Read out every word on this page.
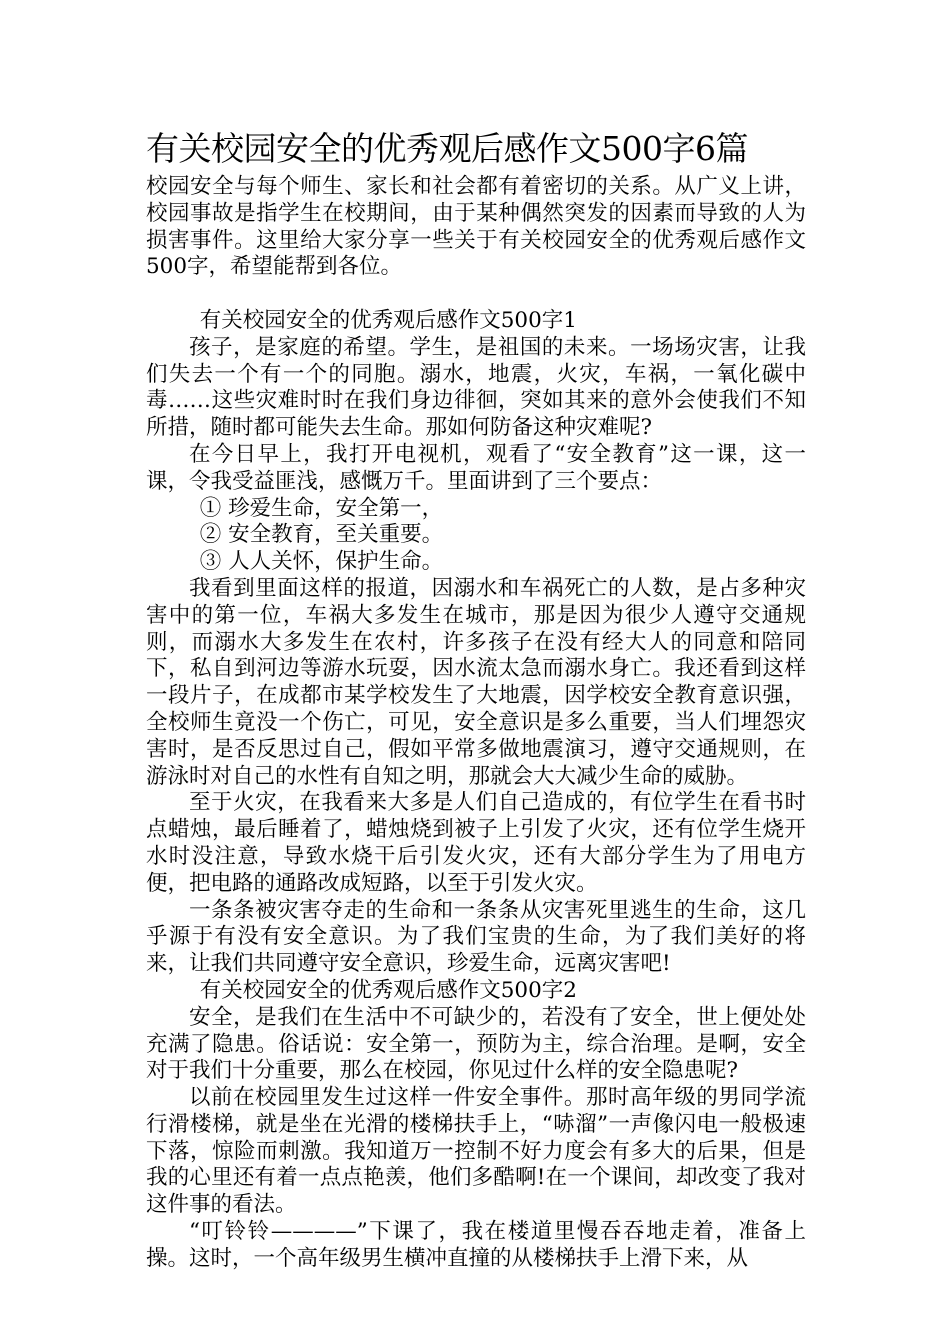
有关校园安全的优秀观后感作文500字6篇

校园安全与每个师生、家长和社会都有着密切的关系。从广义上讲，校园事故是指学生在校期间，由于某种偶然突发的因素而导致的人为损害事件。这里给大家分享一些关于有关校园安全的优秀观后感作文500字，希望能帮到各位。

有关校园安全的优秀观后感作文500字1

孩子，是家庭的希望。学生，是祖国的未来。一场场灾害，让我们失去一个有一个的同胞。溺水，地震，火灾，车祸，一氧化碳中毒……这些灾难时时在我们身边徘徊，突如其来的意外会使我们不知所措，随时都可能失去生命。那如何防备这种灾难呢?

在今日早上，我打开电视机，观看了“安全教育”这一课，这一课，令我受益匪浅，感慨万千。里面讲到了三个要点：

① 珍爱生命，安全第一，

② 安全教育，至关重要。

③ 人人关怀，保护生命。

我看到里面这样的报道，因溺水和车祸死亡的人数，是占多种灾害中的第一位，车祸大多发生在城市，那是因为很少人遵守交通规则，而溺水大多发生在农村，许多孩子在没有经大人的同意和陪同下，私自到河边等游水玩耍，因水流太急而溺水身亡。我还看到这样一段片子，在成都市某学校发生了大地震，因学校安全教育意识强，全校师生竟没一个伤亡，可见，安全意识是多么重要，当人们埋怨灾害时，是否反思过自己，假如平常多做地震演习，遵守交通规则，在游泳时对自己的水性有自知之明，那就会大大减少生命的威胁。

至于火灾，在我看来大多是人们自己造成的，有位学生在看书时点蜡烛，最后睡着了，蜡烛烧到被子上引发了火灾，还有位学生烧开水时没注意，导致水烧干后引发火灾，还有大部分学生为了用电方便，把电路的通路改成短路，以至于引发火灾。

一条条被灾害夺走的生命和一条条从灾害死里逃生的生命，这几乎源于有没有安全意识。为了我们宝贵的生命，为了我们美好的将来，让我们共同遵守安全意识，珍爱生命，远离灾害吧!

有关校园安全的优秀观后感作文500字2

安全，是我们在生活中不可缺少的，若没有了安全，世上便处处充满了隐患。俗话说：安全第一，预防为主，综合治理。是啊，安全对于我们十分重要，那么在校园，你见过什么样的安全隐患呢?

以前在校园里发生过这样一件安全事件。那时高年级的男同学流行滑楼梯，就是坐在光滑的楼梯扶手上，“哧溜”一声像闪电一般极速下落，惊险而刺激。我知道万一控制不好力度会有多大的后果，但是我的心里还有着一点点艳羡，他们多酷啊!在一个课间，却改变了我对这件事的看法。

“叮铃铃————”下课了，我在楼道里慢吞吞地走着，准备上操。这时，一个高年级男生横冲直撞的从楼梯扶手上滑下来，从
